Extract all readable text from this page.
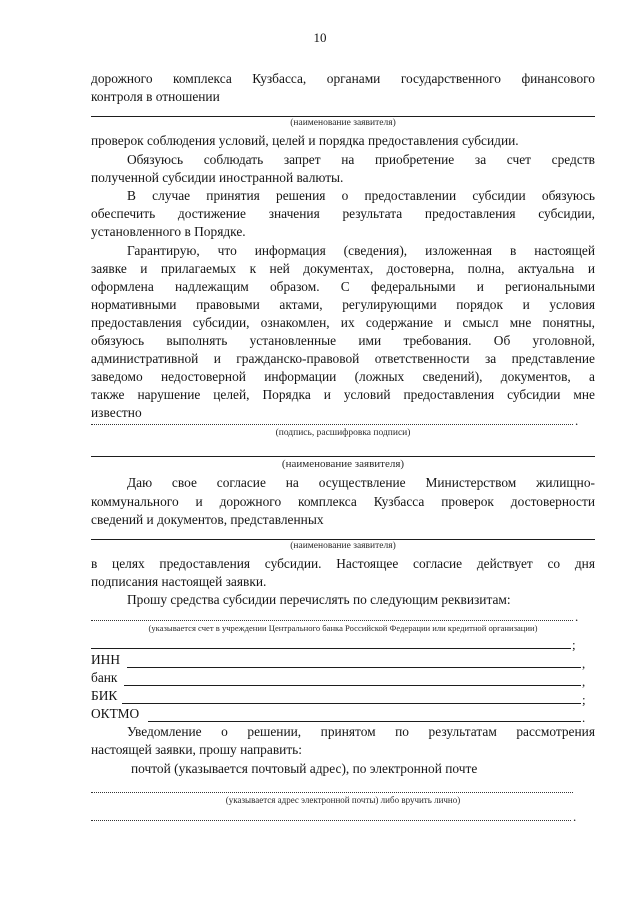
10
дорожного комплекса Кузбасса, органами государственного финансового
контроля в отношении
(наименование заявителя)
проверок соблюдения условий, целей и порядка предоставления субсидии.
Обязуюсь соблюдать запрет на приобретение за счет средств
полученной субсидии иностранной валюты.
В случае принятия решения о предоставлении субсидии обязуюсь
обеспечить достижение значения результата предоставления субсидии,
установленного в Порядке.
Гарантирую, что информация (сведения), изложенная в настоящей
заявке и прилагаемых к ней документах, достоверна, полна, актуальна и
оформлена надлежащим образом. С федеральными и региональными
нормативными правовыми актами, регулирующими порядок и условия
предоставления субсидии, ознакомлен, их содержание и смысл мне понятны,
обязуюсь выполнять установленные ими требования. Об уголовной,
административной и гражданско-правовой ответственности за представление
заведомо недостоверной информации (ложных сведений), документов, а
также нарушение целей, Порядка и условий предоставления субсидии мне
известно
.
(подпись, расшифровка подписи)
(наименование заявителя)
Даю свое согласие на осуществление Министерством жилищно-
коммунального и дорожного комплекса Кузбасса проверок достоверности
сведений и документов, представленных
(наименование заявителя)
в целях предоставления субсидии. Настоящее согласие действует со дня
подписания настоящей заявки.
Прошу средства субсидии перечислять по следующим реквизитам:
.
(указывается счет в учреждении Центрального банка Российской Федерации или кредитной организации)
;
ИНН	,
банк	,
БИК	;
ОКТМО	.
Уведомление о решении, принятом по результатам рассмотрения
настоящей заявки, прошу направить:
почтой (указывается почтовый адрес), по электронной почте
(указывается адрес электронной почты) либо вручить лично)
.
